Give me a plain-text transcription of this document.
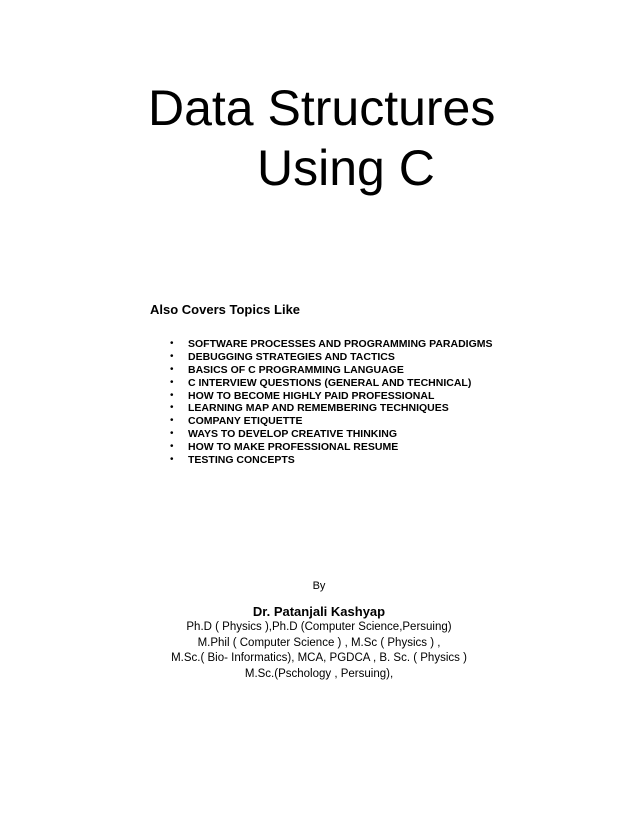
Data Structures
Using C

Also Covers Topics Like

• SOFTWARE PROCESSES AND PROGRAMMING PARADIGMS
• DEBUGGING STRATEGIES AND TACTICS
• BASICS OF C PROGRAMMING LANGUAGE
• C INTERVIEW QUESTIONS (GENERAL AND TECHNICAL)
• HOW TO BECOME HIGHLY PAID PROFESSIONAL
• LEARNING MAP AND REMEMBERING TECHNIQUES
• COMPANY ETIQUETTE
• WAYS TO DEVELOP CREATIVE THINKING
• HOW TO MAKE PROFESSIONAL RESUME
• TESTING CONCEPTS

By

Dr. Patanjali Kashyap

Ph.D ( Physics ),Ph.D (Computer Science,Persuing)
M.Phil ( Computer Science ) , M.Sc ( Physics ) ,
M.Sc.( Bio- Informatics), MCA, PGDCA , B. Sc. ( Physics )
M.Sc.(Pschology , Persuing),
